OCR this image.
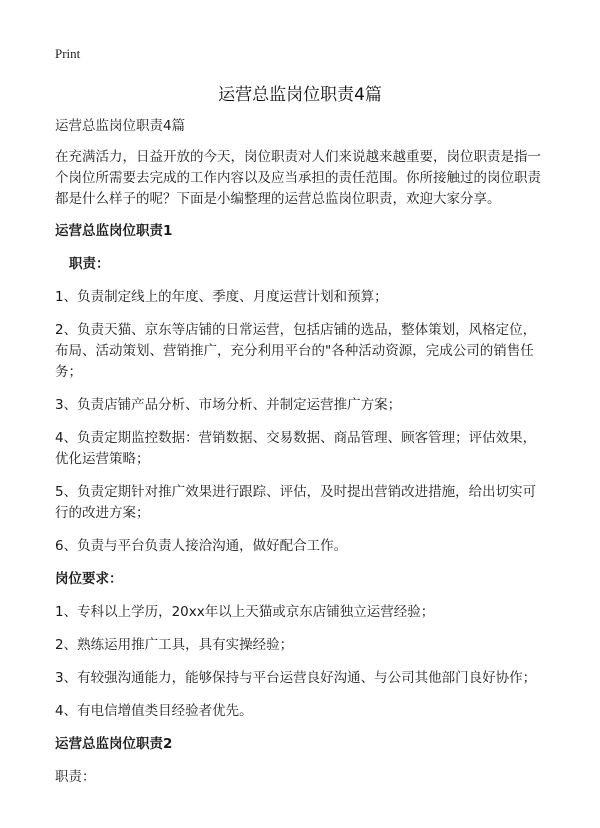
Print
运营总监岗位职责4篇

运营总监岗位职责4篇

在充满活力，日益开放的今天，岗位职责对人们来说越来越重要，岗位职责是指一个岗位所需要去完成的工作内容以及应当承担的责任范围。你所接触过的岗位职责都是什么样子的呢？下面是小编整理的运营总监岗位职责，欢迎大家分享。

运营总监岗位职责1

职责：

1、负责制定线上的年度、季度、月度运营计划和预算；

2、负责天猫、京东等店铺的日常运营，包括店铺的选品，整体策划，风格定位，布局、活动策划、营销推广，充分利用平台的"各种活动资源，完成公司的销售任务；

3、负责店铺产品分析、市场分析、并制定运营推广方案；

4、负责定期监控数据：营销数据、交易数据、商品管理、顾客管理；评估效果，优化运营策略；

5、负责定期针对推广效果进行跟踪、评估，及时提出营销改进措施，给出切实可行的改进方案；

6、负责与平台负责人接洽沟通，做好配合工作。

岗位要求：

1、专科以上学历，20xx年以上天猫或京东店铺独立运营经验；

2、熟练运用推广工具，具有实操经验；

3、有较强沟通能力，能够保持与平台运营良好沟通、与公司其他部门良好协作；

4、有电信增值类目经验者优先。

运营总监岗位职责2

职责：
